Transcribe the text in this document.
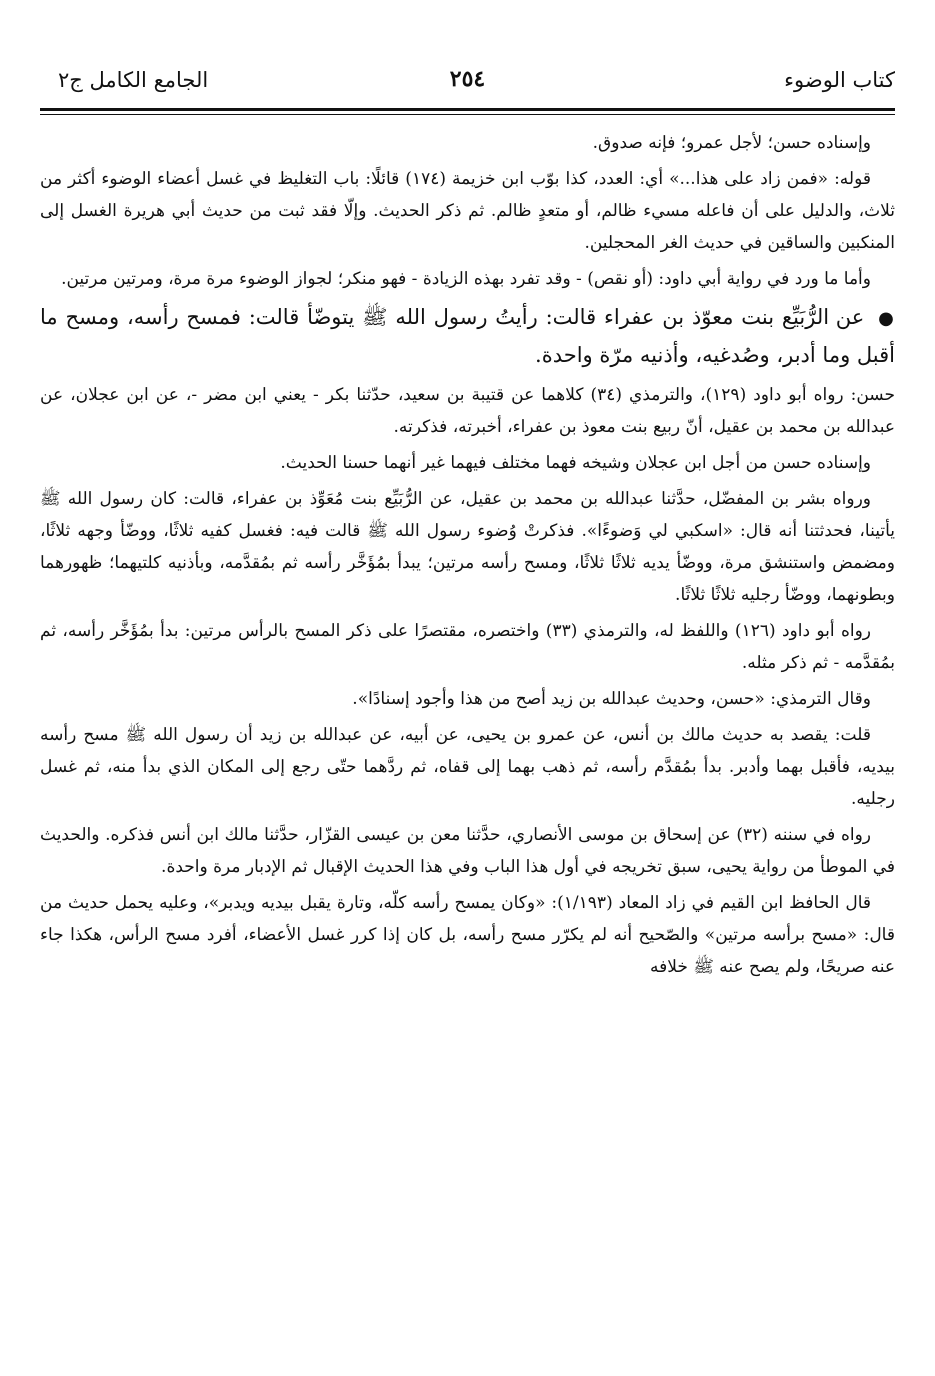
كتاب الوضوء
٢٥٤
الجامع الكامل ج٢

وإسناده حسن؛ لأجل عمرو؛ فإنه صدوق.

قوله: «فمن زاد على هذا...» أي: العدد، كذا بوّب ابن خزيمة (١٧٤) قائلًا: باب التغليظ في غسل أعضاء الوضوء أكثر من ثلاث، والدليل على أن فاعله مسيء ظالم، أو متعدٍ ظالم. ثم ذكر الحديث. وإلّا فقد ثبت من حديث أبي هريرة الغسل إلى المنكبين والساقين في حديث الغر المحجلين.

وأما ما ورد في رواية أبي داود: (أو نقص) - وقد تفرد بهذه الزيادة - فهو منكر؛ لجواز الوضوء مرة مرة، ومرتين مرتين.

● عن الرُّبَيِّع بنت معوّذ بن عفراء قالت: رأيتُ رسول الله ﷺ يتوضّأ قالت: فمسح رأسه، ومسح ما أقبل وما أدبر، وصُدغيه، وأذنيه مرّة واحدة.

حسن: رواه أبو داود (١٢٩)، والترمذي (٣٤) كلاهما عن قتيبة بن سعيد، حدّثنا بكر - يعني ابن مضر -، عن ابن عجلان، عن عبدالله بن محمد بن عقيل، أنّ ربيع بنت معوذ بن عفراء، أخبرته، فذكرته.

وإسناده حسن من أجل ابن عجلان وشيخه فهما مختلف فيهما غير أنهما حسنا الحديث.

ورواه بشر بن المفضّل، حدَّثنا عبدالله بن محمد بن عقيل، عن الرُّبَيِّع بنت مُعَوِّذ بن عفراء، قالت: كان رسول الله ﷺ يأتينا، فحدثتنا أنه قال: «اسكبي لي وَضوءًا». فذكرتْ وُضوء رسول الله ﷺ قالت فيه: فغسل كفيه ثلاثًا، ووضّأ وجهه ثلاثًا، ومضمض واستنشق مرة، ووضّأ يديه ثلاثًا ثلاثًا، ومسح رأسه مرتين؛ يبدأ بمُؤَخَّر رأسه ثم بمُقدَّمه، وبأذنيه كلتيهما؛ ظهورهما وبطونهما، ووضّأ رجليه ثلاثًا ثلاثًا.

رواه أبو داود (١٢٦) واللفظ له، والترمذي (٣٣) واختصره، مقتصرًا على ذكر المسح بالرأس مرتين: بدأ بمُؤَخَّر رأسه، ثم بمُقدَّمه - ثم ذكر مثله.

وقال الترمذي: «حسن، وحديث عبدالله بن زيد أصح من هذا وأجود إسنادًا».

قلت: يقصد به حديث مالك بن أنس، عن عمرو بن يحيى، عن أبيه، عن عبدالله بن زيد أن رسول الله ﷺ مسح رأسه بيديه، فأقبل بهما وأدبر. بدأ بمُقدَّم رأسه، ثم ذهب بهما إلى قفاه، ثم ردَّهما حتّى رجع إلى المكان الذي بدأ منه، ثم غسل رجليه.

رواه في سننه (٣٢) عن إسحاق بن موسى الأنصاري، حدَّثنا معن بن عيسى القزّار، حدَّثنا مالك ابن أنس فذكره. والحديث في الموطأ من رواية يحيى، سبق تخريجه في أول هذا الباب وفي هذا الحديث الإقبال ثم الإدبار مرة واحدة.

قال الحافظ ابن القيم في زاد المعاد (١/١٩٣): «وكان يمسح رأسه كلّه، وتارة يقبل بيديه ويدبر»، وعليه يحمل حديث من قال: «مسح برأسه مرتين» والصّحيح أنه لم يكرّر مسح رأسه، بل كان إذا كرر غسل الأعضاء، أفرد مسح الرأس، هكذا جاء عنه صريحًا، ولم يصح عنه ﷺ خلافه
